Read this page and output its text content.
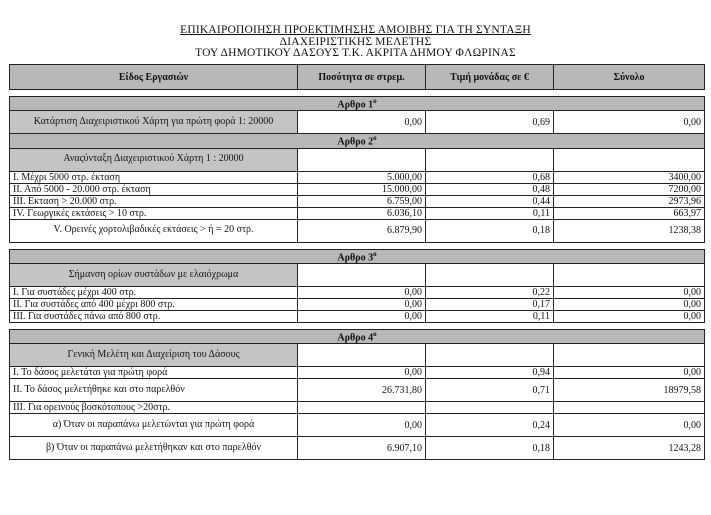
ΕΠΙΚΑΙΡΟΠΟΙΗΣΗ ΠΡΟΕΚΤΙΜΗΣΗΣ ΑΜΟΙΒΗΣ ΓΙΑ ΤΗ ΣΥΝΤΑΞΗ
ΔΙΑΧΕΙΡΙΣΤΙΚΗΣ ΜΕΛΕΤΗΣ
ΤΟΥ ΔΗΜΟΤΙΚΟΥ ΔΑΣΟΥΣ Τ.Κ. ΑΚΡΙΤΑ ΔΗΜΟΥ ΦΛΩΡΙΝΑΣ
Είδος Εργασιών	Ποσότητα σε στρεμ.	Τιμή μονάδας σε €	Σύνολο

Αρθρο $1^o$
Κατάρτιση Διαχειριστικού Χάρτη για πρώτη φορά 1: 20000	0,00	0,69	0,00
Αρθρο $2^o$
Αναςύνταξη Διαχειριστικού Χάρτη 1 : 20000			
Ι. Μέχρι 5000 στρ. έκταση	5.000,00	0,68	3400,00
ΙΙ. Από 5000 - 20.000 στρ. έκταση	15.000,00	0,48	7200,00
ΙΙΙ. Εκταση > 20.000 στρ.	6.759,00	0,44	2973,96
ΙV. Γεωργικές εκτάσεις > 10 στρ.	6.036,10	0,11	663,97
V. Ορεινές χορτολιβαδικές εκτάσεις > ή = 20 στρ.	6.879,90	0,18	1238,38

Αρθρο $3^o$
Σήμανση ορίων συστάδων με ελαιόχρωμα			
Ι. Για συστάδες μέχρι 400 στρ.	0,00	0,22	0,00
ΙΙ. Για συστάδες από 400 μέχρι 800 στρ.	0,00	0,17	0,00
ΙΙΙ. Για συστάδες πάνω από 800 στρ.	0,00	0,11	0,00

Αρθρο $4^o$
Γενική Μελέτη και Διαχείριση του Δάσους			
Ι. Το δάσος μελετάται για πρώτη φορά	0,00	0,94	0,00
ΙΙ. Το δάσος μελετήθηκε και στο παρελθόν	26.731,80	0,71	18979,58
ΙΙΙ. Για ορεινούς βοσκότοπους >20στρ.			
α) Όταν οι παραπάνω μελετώνται για πρώτη φορά	0,00	0,24	0,00
β) Όταν οι παραπάνω μελετήθηκαν και στο παρελθόν	6.907,10	0,18	1243,28
